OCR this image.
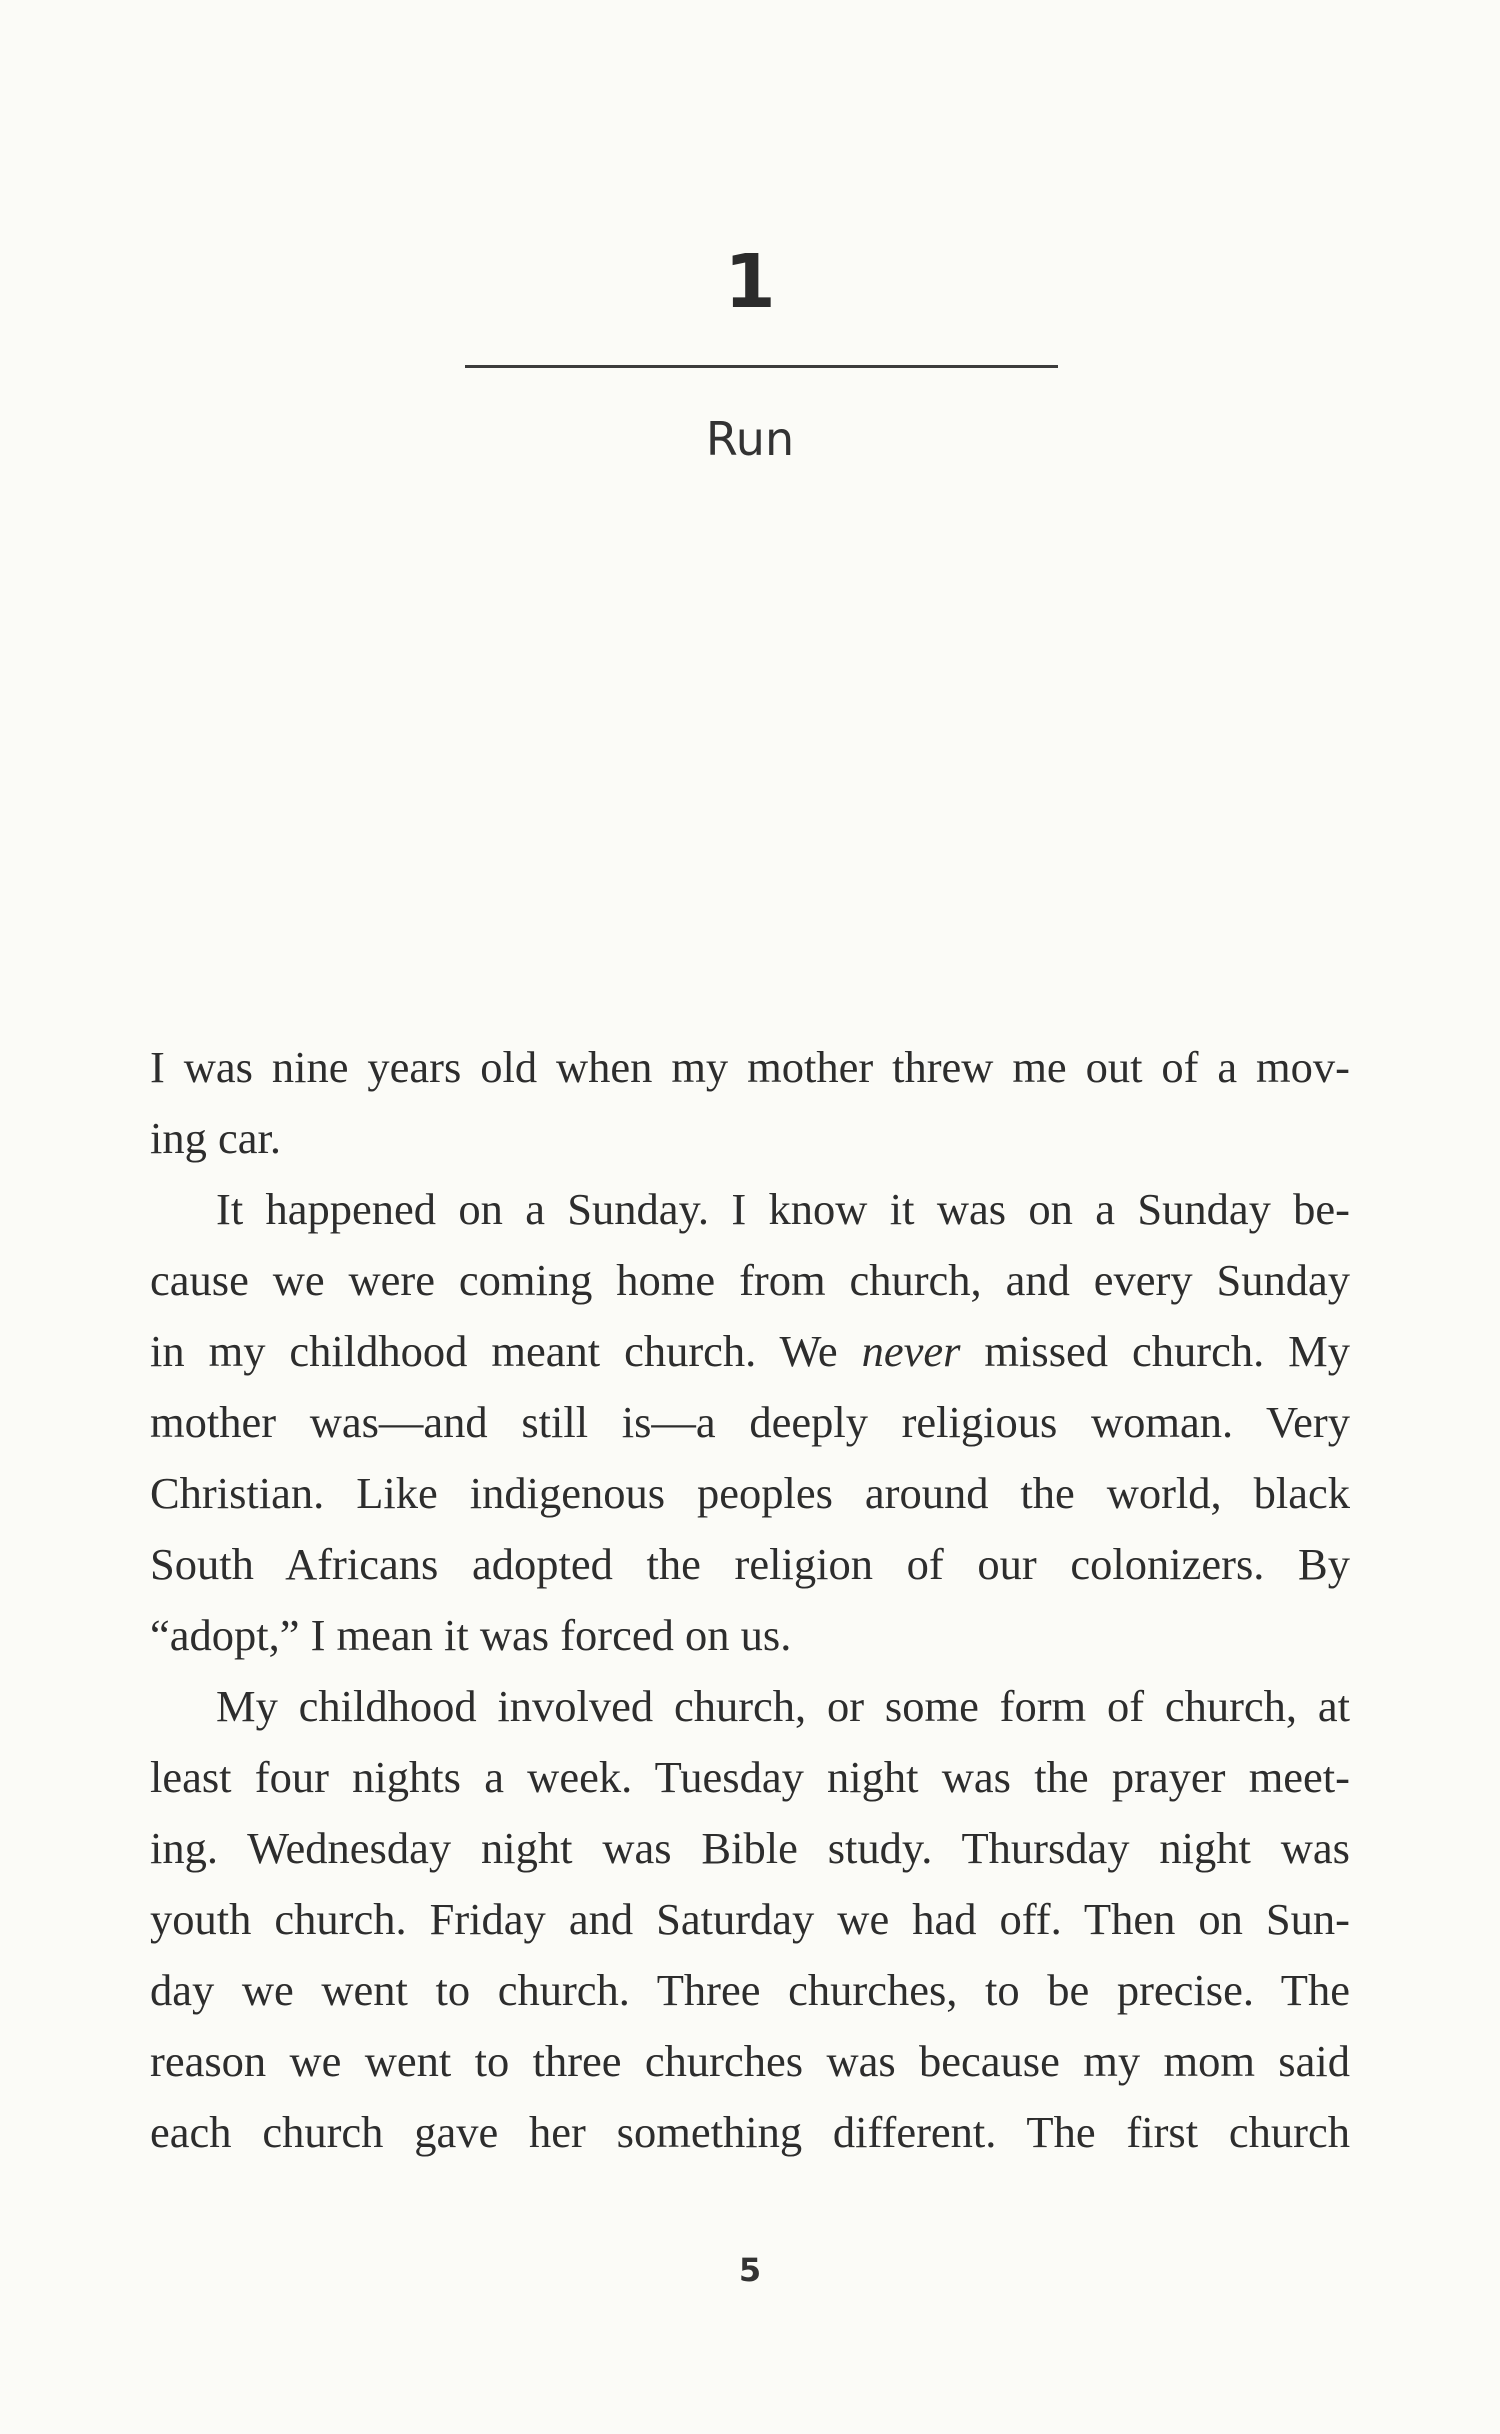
1
Run
I was nine years old when my mother threw me out of a mov-
ing car.
It happened on a Sunday. I know it was on a Sunday be-
cause we were coming home from church, and every Sunday
in my childhood meant church. We never missed church. My
mother was—and still is—a deeply religious woman. Very
Christian. Like indigenous peoples around the world, black
South Africans adopted the religion of our colonizers. By
“adopt,” I mean it was forced on us.
My childhood involved church, or some form of church, at
least four nights a week. Tuesday night was the prayer meet-
ing. Wednesday night was Bible study. Thursday night was
youth church. Friday and Saturday we had off. Then on Sun-
day we went to church. Three churches, to be precise. The
reason we went to three churches was because my mom said
each church gave her something different. The first church
5
